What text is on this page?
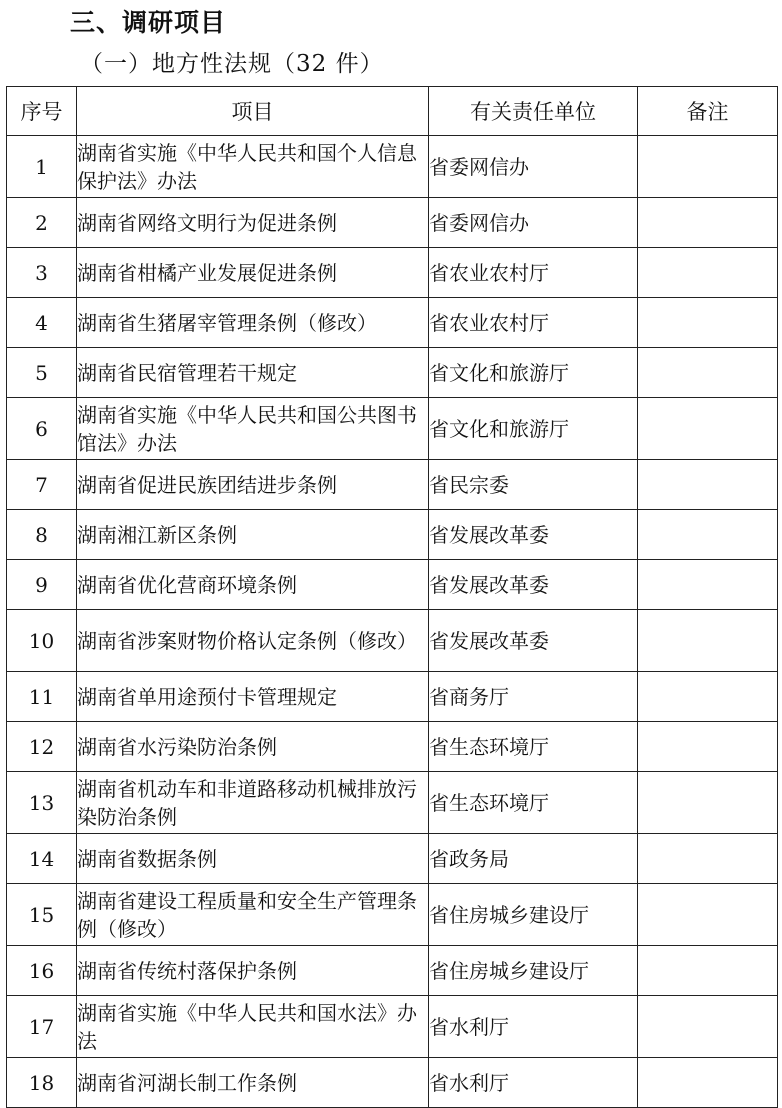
三、调研项目
（一）地方性法规（32 件）
序号	项目	有关责任单位	备注
1	湖南省实施《中华人民共和国个人信息保护法》办法	省委网信办	
2	湖南省网络文明行为促进条例	省委网信办	
3	湖南省柑橘产业发展促进条例	省农业农村厅	
4	湖南省生猪屠宰管理条例（修改）	省农业农村厅	
5	湖南省民宿管理若干规定	省文化和旅游厅	
6	湖南省实施《中华人民共和国公共图书馆法》办法	省文化和旅游厅	
7	湖南省促进民族团结进步条例	省民宗委	
8	湖南湘江新区条例	省发展改革委	
9	湖南省优化营商环境条例	省发展改革委	
10	湖南省涉案财物价格认定条例（修改）	省发展改革委	
11	湖南省单用途预付卡管理规定	省商务厅	
12	湖南省水污染防治条例	省生态环境厅	
13	湖南省机动车和非道路移动机械排放污染防治条例	省生态环境厅	
14	湖南省数据条例	省政务局	
15	湖南省建设工程质量和安全生产管理条例（修改）	省住房城乡建设厅	
16	湖南省传统村落保护条例	省住房城乡建设厅	
17	湖南省实施《中华人民共和国水法》办法	省水利厅	
18	湖南省河湖长制工作条例	省水利厅	
